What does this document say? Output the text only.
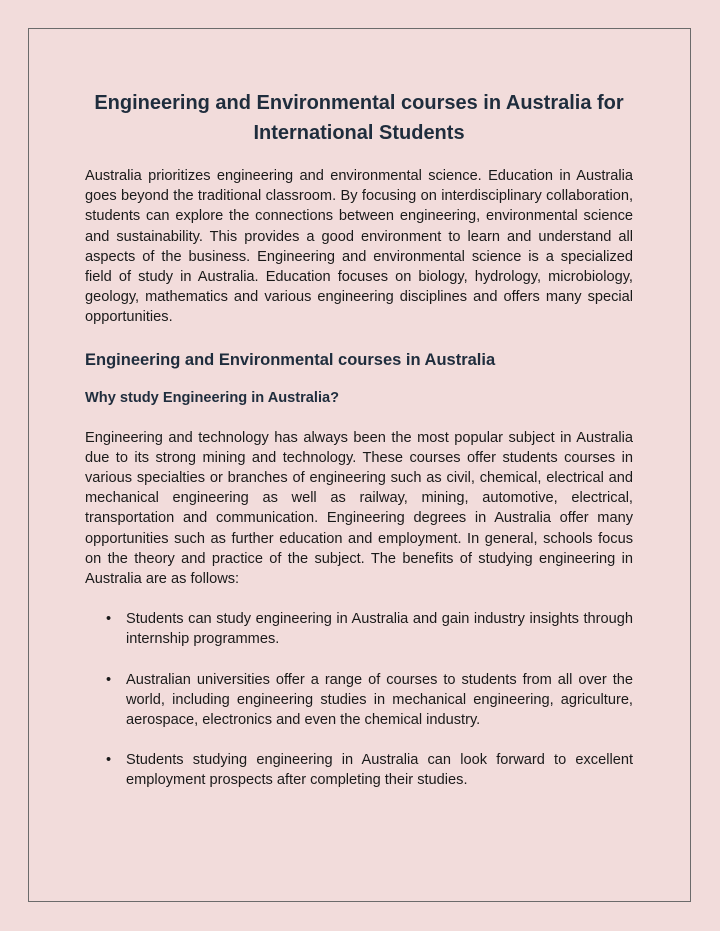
Engineering and Environmental courses in Australia for International Students

Australia prioritizes engineering and environmental science. Education in Australia goes beyond the traditional classroom. By focusing on interdisciplinary collaboration, students can explore the connections between engineering, environmental science and sustainability. This provides a good environment to learn and understand all aspects of the business. Engineering and environmental science is a specialized field of study in Australia. Education focuses on biology, hydrology, microbiology, geology, mathematics and various engineering disciplines and offers many special opportunities.

Engineering and Environmental courses in Australia
Why study Engineering in Australia?

Engineering and technology has always been the most popular subject in Australia due to its strong mining and technology. These courses offer students courses in various specialties or branches of engineering such as civil, chemical, electrical and mechanical engineering as well as railway, mining, automotive, electrical, transportation and communication. Engineering degrees in Australia offer many opportunities such as further education and employment. In general, schools focus on the theory and practice of the subject. The benefits of studying engineering in Australia are as follows:

• Students can study engineering in Australia and gain industry insights through internship programmes.

• Australian universities offer a range of courses to students from all over the world, including engineering studies in mechanical engineering, agriculture, aerospace, electronics and even the chemical industry.

• Students studying engineering in Australia can look forward to excellent employment prospects after completing their studies.
